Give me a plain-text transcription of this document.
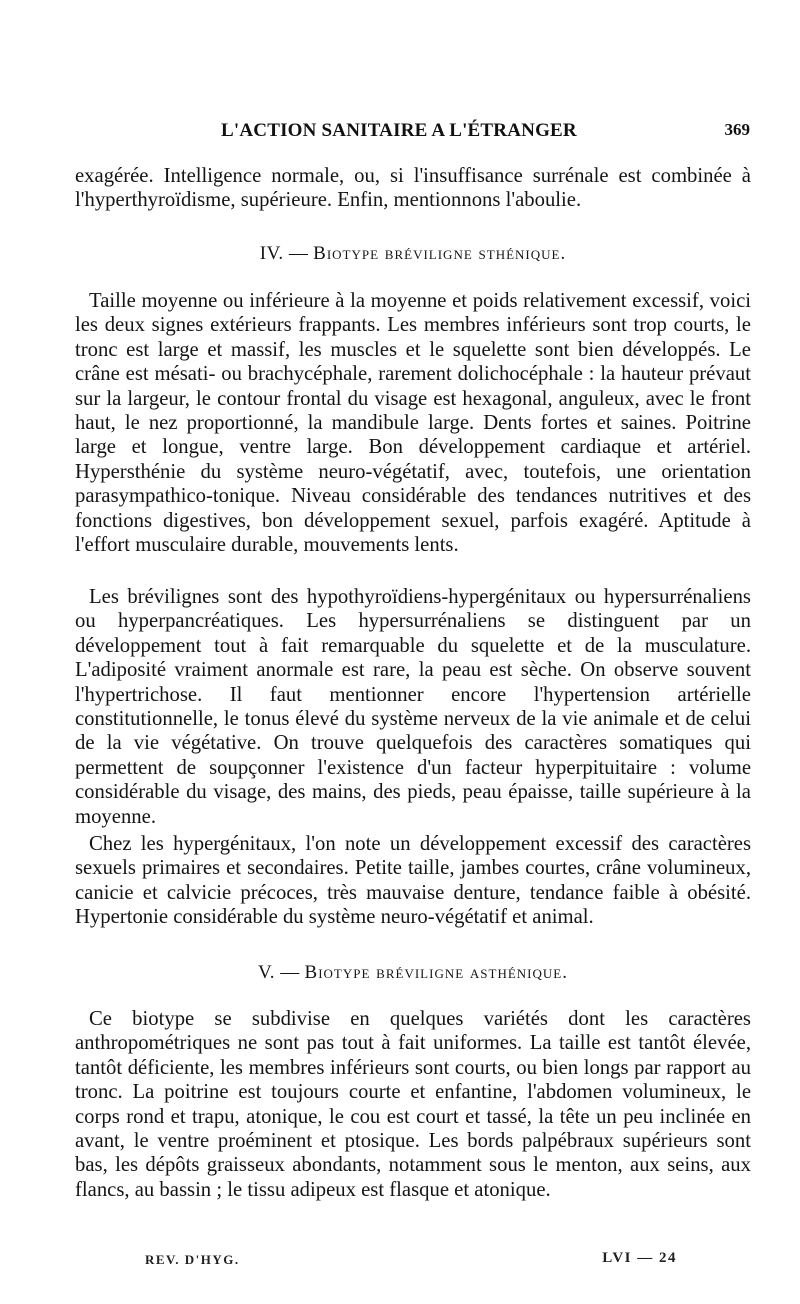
L'ACTION SANITAIRE A L'ÉTRANGER	369

exagérée. Intelligence normale, ou, si l'insuffisance surrénale est combinée à l'hyperthyroïdisme, supérieure. Enfin, mentionnons l'aboulie.

IV. — Biotype bréviligne sthénique.

Taille moyenne ou inférieure à la moyenne et poids relativement excessif, voici les deux signes extérieurs frappants. Les membres inférieurs sont trop courts, le tronc est large et massif, les muscles et le squelette sont bien développés. Le crâne est mésati- ou brachycéphale, rarement dolichocéphale : la hauteur prévaut sur la largeur, le contour frontal du visage est hexagonal, anguleux, avec le front haut, le nez proportionné, la mandibule large. Dents fortes et saines. Poitrine large et longue, ventre large. Bon développement cardiaque et artériel. Hypersthénie du système neuro-végétatif, avec, toutefois, une orientation parasympathico-tonique. Niveau considérable des tendances nutritives et des fonctions digestives, bon développement sexuel, parfois exagéré. Aptitude à l'effort musculaire durable, mouvements lents.

Les brévilignes sont des hypothyroïdiens-hypergénitaux ou hypersurrénaliens ou hyperpancréatiques. Les hypersurrénaliens se distinguent par un développement tout à fait remarquable du squelette et de la musculature. L'adiposité vraiment anormale est rare, la peau est sèche. On observe souvent l'hypertrichose. Il faut mentionner encore l'hypertension artérielle constitutionnelle, le tonus élevé du système nerveux de la vie animale et de celui de la vie végétative. On trouve quelquefois des caractères somatiques qui permettent de soupçonner l'existence d'un facteur hyperpituitaire : volume considérable du visage, des mains, des pieds, peau épaisse, taille supérieure à la moyenne.

Chez les hypergénitaux, l'on note un développement excessif des caractères sexuels primaires et secondaires. Petite taille, jambes courtes, crâne volumineux, canicie et calvicie précoces, très mauvaise denture, tendance faible à obésité. Hypertonie considérable du système neuro-végétatif et animal.

V. — Biotype bréviligne asthénique.

Ce biotype se subdivise en quelques variétés dont les caractères anthropométriques ne sont pas tout à fait uniformes. La taille est tantôt élevée, tantôt déficiente, les membres inférieurs sont courts, ou bien longs par rapport au tronc. La poitrine est toujours courte et enfantine, l'abdomen volumineux, le corps rond et trapu, atonique, le cou est court et tassé, la tête un peu inclinée en avant, le ventre proéminent et ptosique. Les bords palpébraux supérieurs sont bas, les dépôts graisseux abondants, notamment sous le menton, aux seins, aux flancs, au bassin ; le tissu adipeux est flasque et atonique.

REV. D'HYG.	LVI — 24
